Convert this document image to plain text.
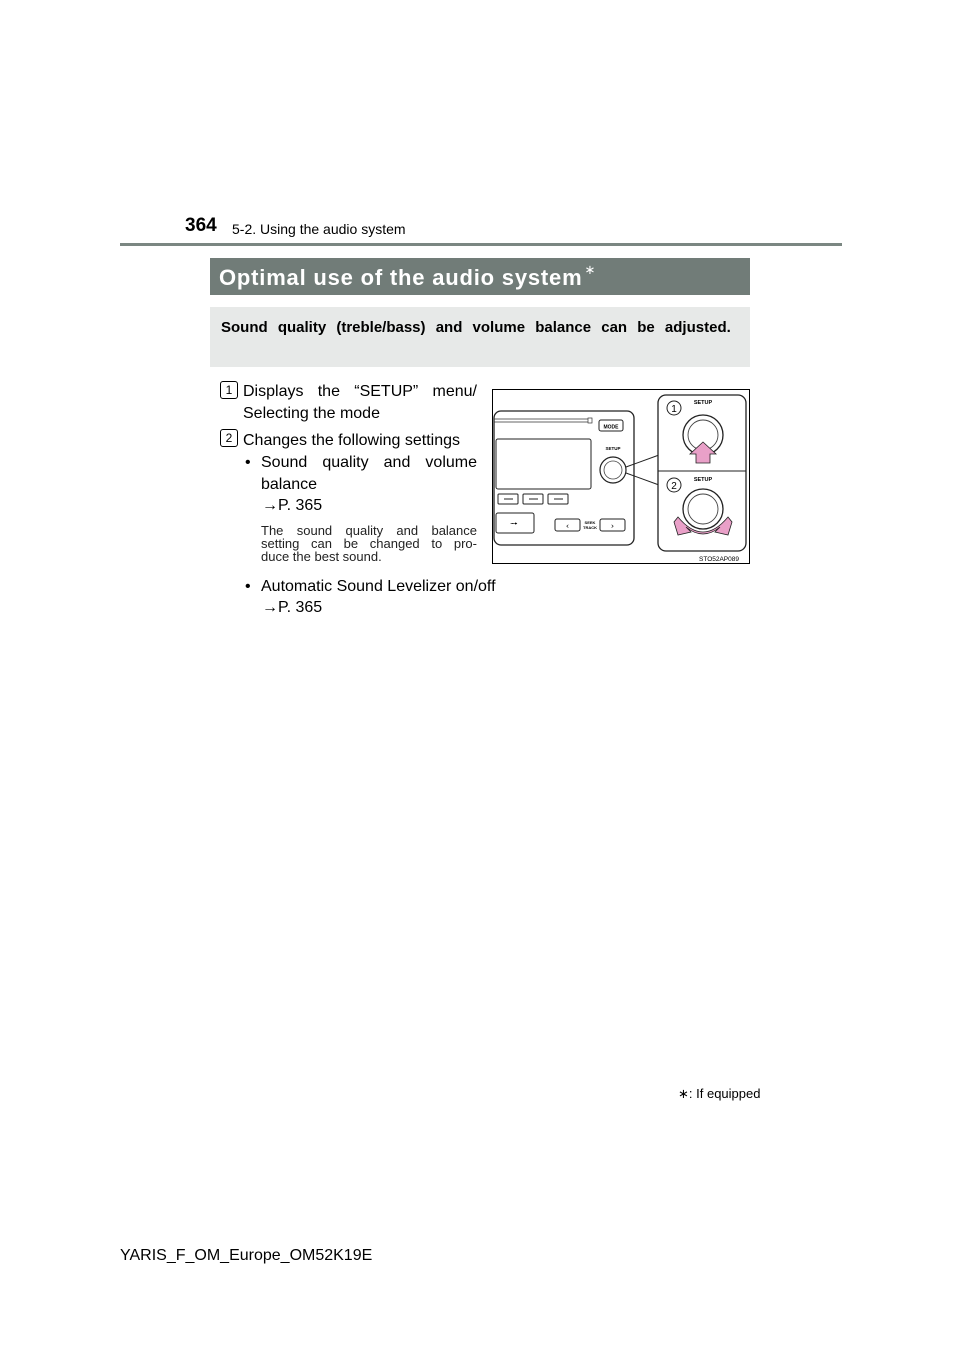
364 5-2. Using the audio system
Optimal use of the audio system ∗
Sound quality (treble/bass) and volume balance can be adjusted.
1 Displays the “SETUP” menu/
Selecting the mode
2 Changes the following settings
• Sound quality and volume
balance
→P. 365
The sound quality and balance
setting can be changed to pro-
duce the best sound.
• Automatic Sound Levelizer on/off
→P. 365
MODE
SETUP
⭬	‹	SEEK
TRACK ›
1
SETUP
2
SETUP
STO52AP089
∗: If equipped
YARIS_F_OM_Europe_OM52K19E
